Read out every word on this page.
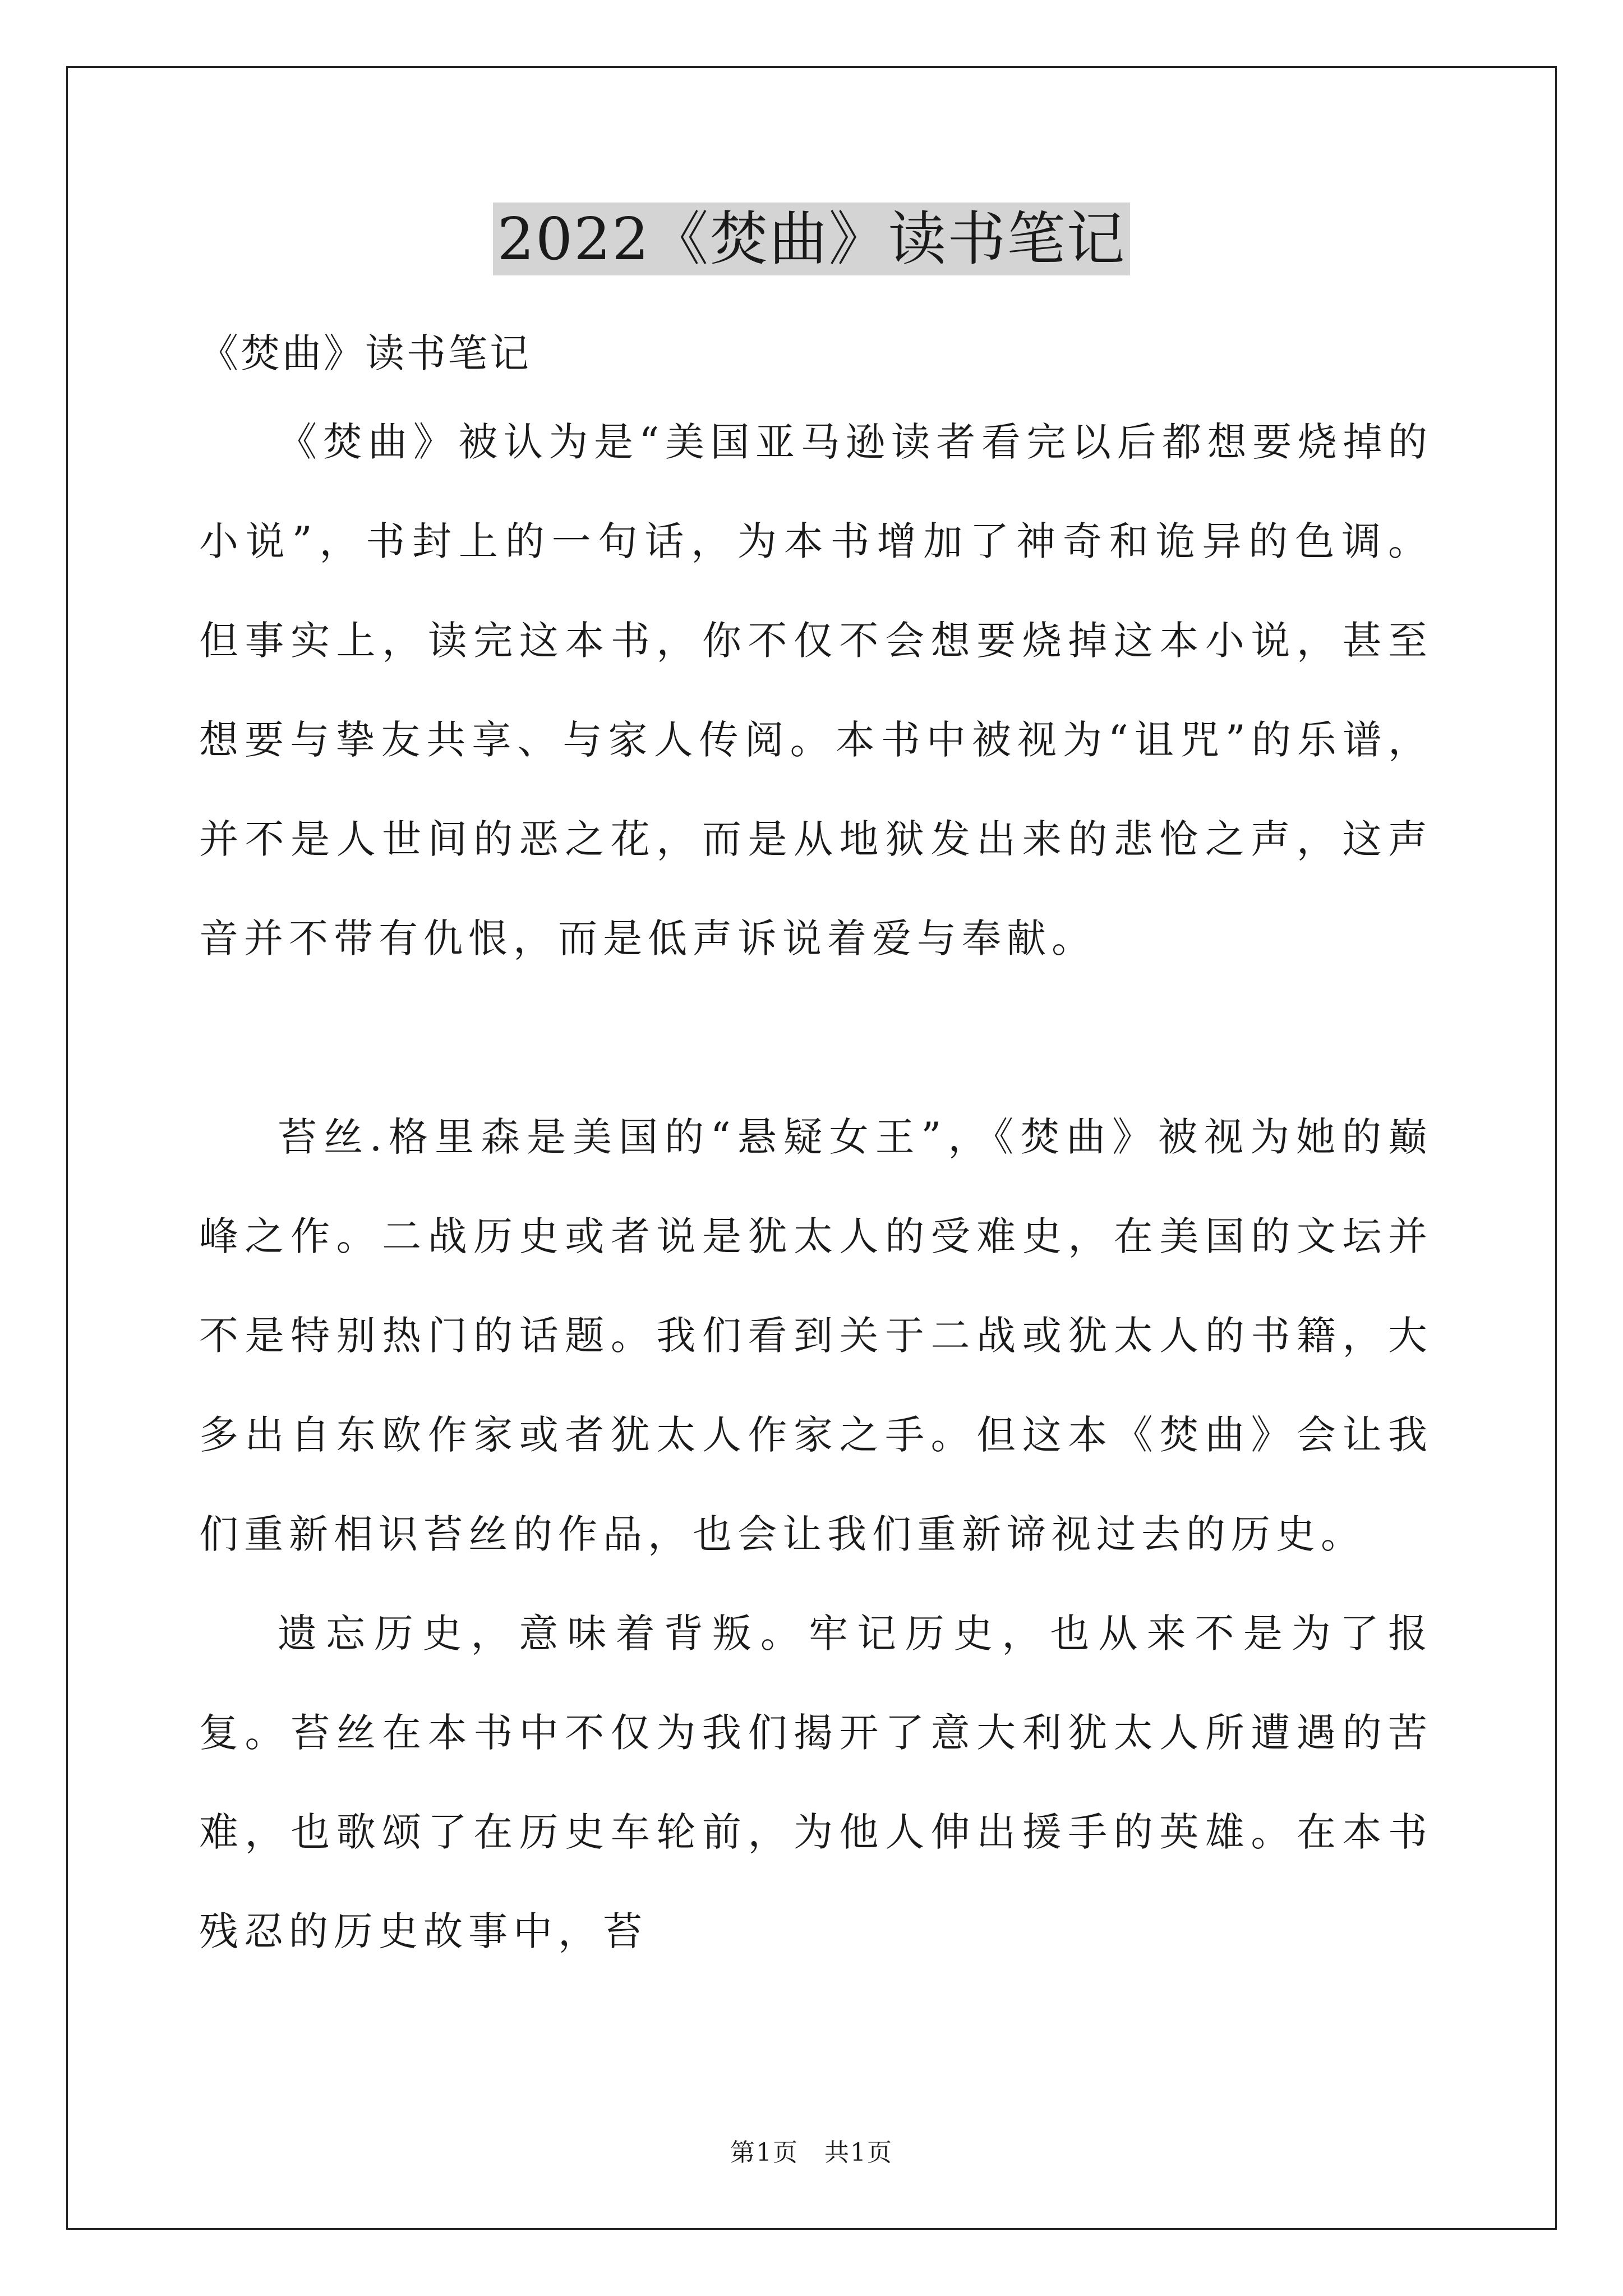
2022《焚曲》读书笔记

《焚曲》读书笔记

《焚曲》被认为是“美国亚马逊读者看完以后都想要烧掉的小说”，书封上的一句话，为本书增加了神奇和诡异的色调。但事实上，读完这本书，你不仅不会想要烧掉这本小说，甚至想要与挚友共享、与家人传阅。本书中被视为“诅咒”的乐谱，并不是人世间的恶之花，而是从地狱发出来的悲怆之声，这声音并不带有仇恨，而是低声诉说着爱与奉献。

苔丝.格里森是美国的“悬疑女王”，《焚曲》被视为她的巅峰之作。二战历史或者说是犹太人的受难史，在美国的文坛并不是特别热门的话题。我们看到关于二战或犹太人的书籍，大多出自东欧作家或者犹太人作家之手。但这本《焚曲》会让我们重新相识苔丝的作品，也会让我们重新谛视过去的历史。

遗忘历史，意味着背叛。牢记历史，也从来不是为了报复。苔丝在本书中不仅为我们揭开了意大利犹太人所遭遇的苦难，也歌颂了在历史车轮前，为他人伸出援手的英雄。在本书残忍的历史故事中，苔

第1页　共1页
